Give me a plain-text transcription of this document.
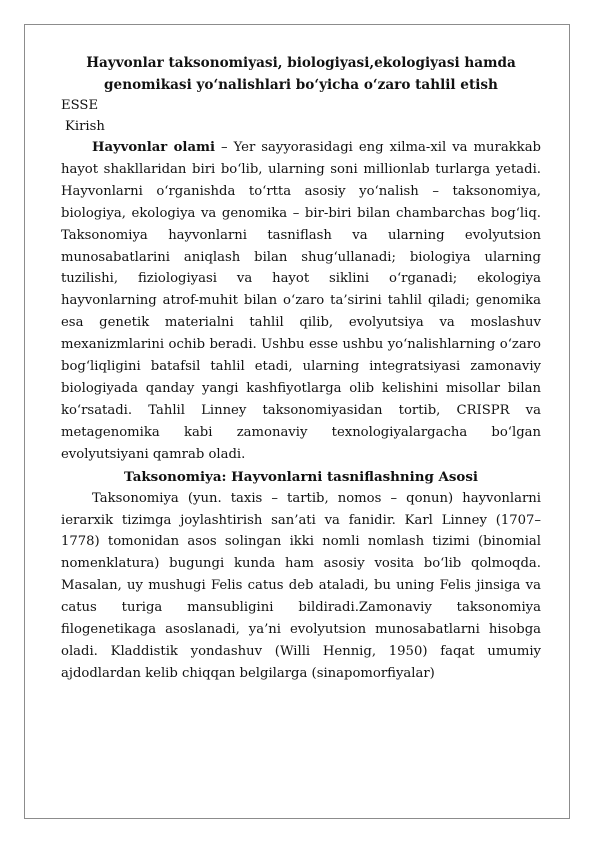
Hayvonlar taksonomiyasi, biologiyasi,ekologiyasi hamda genomikasi yo‘nalishlari bo‘yicha o‘zaro tahlil etish

ESSE

Kirish

Hayvonlar olami – Yer sayyorasidagi eng xilma-xil va murakkab hayot shakllaridan biri bo‘lib, ularning soni millionlab turlarga yetadi. Hayvonlarni o‘rganishda to‘rtta asosiy yo‘nalish – taksonomiya, biologiya, ekologiya va genomika – bir-biri bilan chambarchas bog‘liq. Taksonomiya hayvonlarni tasniflash va ularning evolyutsion munosabatlarini aniqlash bilan shug‘ullanadi; biologiya ularning tuzilishi, fiziologiyasi va hayot siklini o‘rganadi; ekologiya hayvonlarning atrof-muhit bilan o‘zaro ta’sirini tahlil qiladi; genomika esa genetik materialni tahlil qilib, evolyutsiya va moslashuv mexanizmlarini ochib beradi. Ushbu esse ushbu yo‘nalishlarning o‘zaro bog‘liqligini batafsil tahlil etadi, ularning integratsiyasi zamonaviy biologiyada qanday yangi kashfiyotlarga olib kelishini misollar bilan ko‘rsatadi. Tahlil Linney taksonomiyasidan tortib, CRISPR va metagenomika kabi zamonaviy texnologiyalargacha bo‘lgan evolyutsiyani qamrab oladi.

Taksonomiya: Hayvonlarni tasniflashning Asosi

Taksonomiya (yun. taxis – tartib, nomos – qonun) hayvonlarni ierarxik tizimga joylashtirish san’ati va fanidir. Karl Linney (1707–1778) tomonidan asos solingan ikki nomli nomlash tizimi (binomial nomenklatura) bugungi kunda ham asosiy vosita bo‘lib qolmoqda. Masalan, uy mushugi Felis catus deb ataladi, bu uning Felis jinsiga va catus turiga mansubligini bildiradi.Zamonaviy taksonomiya filogenetikaga asoslanadi, ya’ni evolyutsion munosabatlarni hisobga oladi. Kladdistik yondashuv (Willi Hennig, 1950) faqat umumiy ajdodlardan kelib chiqqan belgilarga (sinapomorfiyalar)
